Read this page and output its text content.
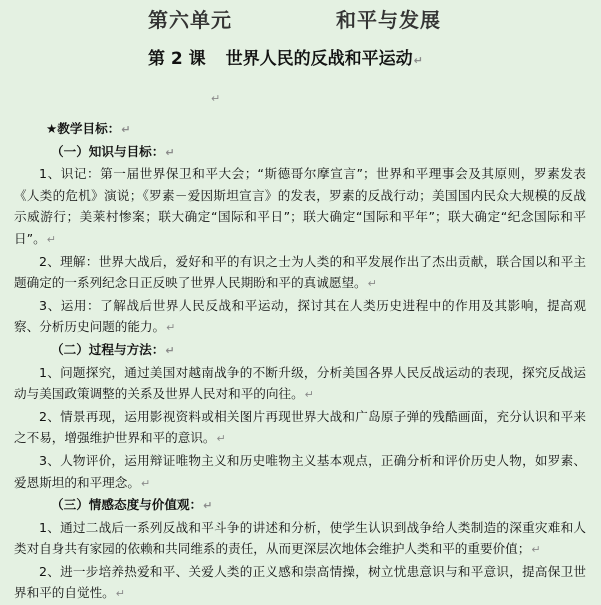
第六单元	和平与发展
第 2 课 世界人民的反战和平运动↵
↵

★教学目标：↵

（一）知识与目标：↵

1、识记：第一届世界保卫和平大会；“斯德哥尔摩宣言”；世界和平理事会及其原则，罗素发表《人类的危机》演说；《罗素－爱因斯坦宣言》的发表，罗素的反战行动；美国国内民众大规模的反战示威游行；美莱村惨案；联大确定“国际和平日”；联大确定“国际和平年”；联大确定“纪念国际和平日”。↵

2、理解：世界大战后，爱好和平的有识之士为人类的和平发展作出了杰出贡献，联合国以和平主题确定的一系列纪念日正反映了世界人民期盼和平的真诚愿望。↵

3、运用：了解战后世界人民反战和平运动，探讨其在人类历史进程中的作用及其影响，提高观察、分析历史问题的能力。↵

（二）过程与方法：↵

1、问题探究，通过美国对越南战争的不断升级，分析美国各界人民反战运动的表现，探究反战运动与美国政策调整的关系及世界人民对和平的向往。↵

2、情景再现，运用影视资料或相关图片再现世界大战和广岛原子弹的残酷画面，充分认识和平来之不易，增强维护世界和平的意识。↵

3、人物评价，运用辩证唯物主义和历史唯物主义基本观点，正确分析和评价历史人物，如罗素、爱恩斯坦的和平理念。↵

（三）情感态度与价值观：↵

1、通过二战后一系列反战和平斗争的讲述和分析，使学生认识到战争给人类制造的深重灾难和人类对自身共有家园的依赖和共同维系的责任，从而更深层次地体会维护人类和平的重要价值；↵

2、进一步培养热爱和平、关爱人类的正义感和崇高情操，树立忧患意识与和平意识，提高保卫世界和平的自觉性。↵
